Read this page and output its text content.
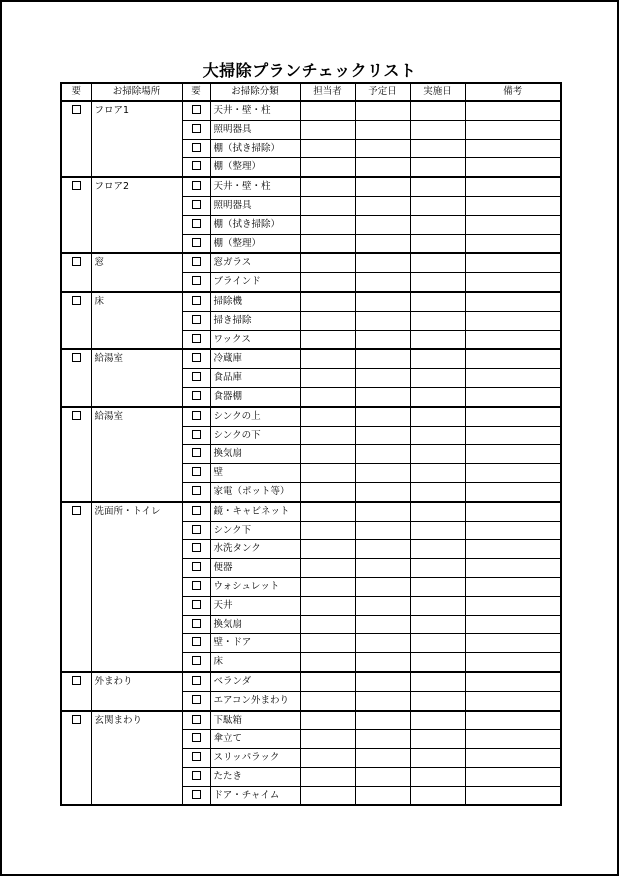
大掃除プランチェックリスト
要	お掃除場所	要	お掃除分類	担当者	予定日	実施日	備考
	フロア1		天井・壁・柱				
			照明器具				
			棚（拭き掃除）				
			棚（整理）				
	フロア2		天井・壁・柱				
			照明器具				
			棚（拭き掃除）				
			棚（整理）				
	窓		窓ガラス				
			ブラインド				
	床		掃除機				
			掃き掃除				
			ワックス				
	給湯室		冷蔵庫				
			食品庫				
			食器棚				
	給湯室		シンクの上				
			シンクの下				
			換気扇				
			壁				
			家電（ポット等）				
	洗面所・トイレ		鏡・キャビネット				
			シンク下				
			水洗タンク				
			便器				
			ウォシュレット				
			天井				
			換気扇				
			壁・ドア				
			床				
	外まわり		ベランダ				
			エアコン外まわり				
	玄関まわり		下駄箱				
			傘立て				
			スリッパラック				
			たたき				
			ドア・チャイム				
